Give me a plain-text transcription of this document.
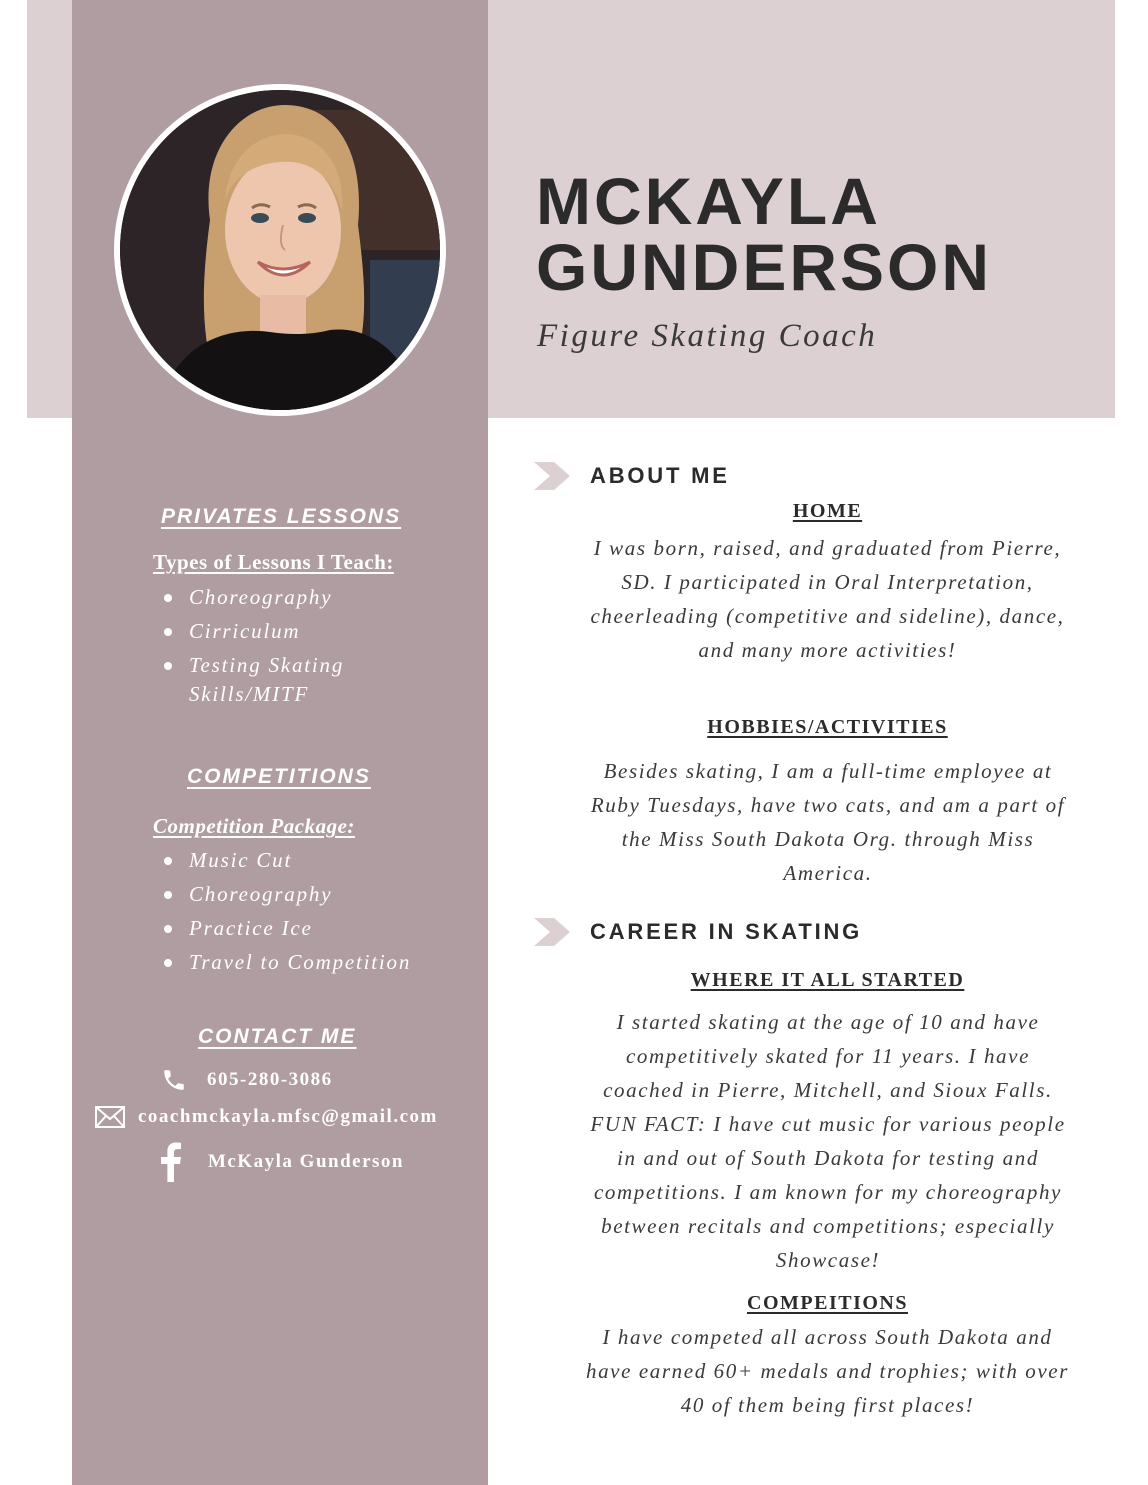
MCKAYLA
GUNDERSON
Figure Skating Coach
PRIVATES LESSONS
Types of Lessons I Teach:
Choreography
Cirriculum
Testing Skating
Skills/MITF
COMPETITIONS
Competition Package:
Music Cut
Choreography
Practice Ice
Travel to Competition
CONTACT ME
605-280-3086
coachmckayla.mfsc@gmail.com
McKayla Gunderson
ABOUT ME
HOME
I was born, raised, and graduated from Pierre, SD. I participated in Oral Interpretation, cheerleading (competitive and sideline), dance, and many more activities!
HOBBIES/ACTIVITIES
Besides skating, I am a full-time employee at Ruby Tuesdays, have two cats, and am a part of the Miss South Dakota Org. through Miss America.
CAREER IN SKATING
WHERE IT ALL STARTED
I started skating at the age of 10 and have competitively skated for 11 years. I have coached in Pierre, Mitchell, and Sioux Falls. FUN FACT: I have cut music for various people in and out of South Dakota for testing and competitions. I am known for my choreography between recitals and competitions; especially Showcase!
COMPEITIONS
I have competed all across South Dakota and have earned 60+ medals and trophies; with over 40 of them being first places!
